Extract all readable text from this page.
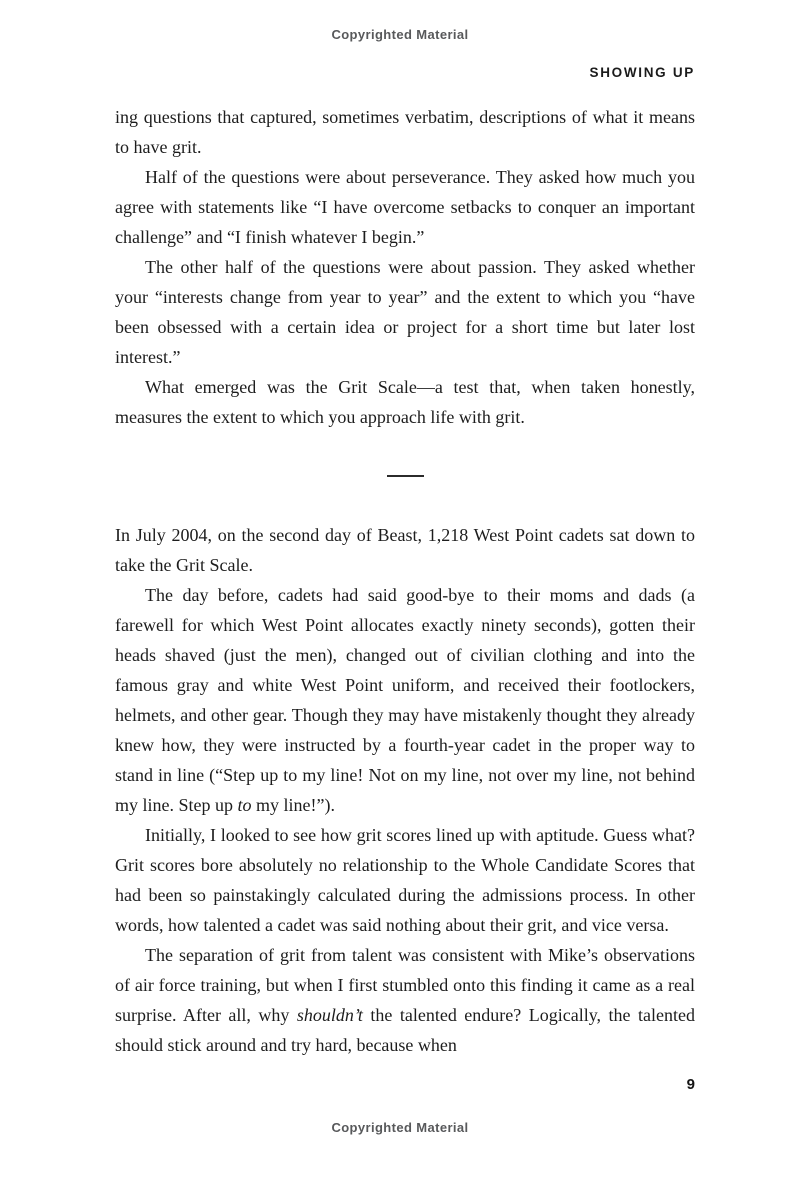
Copyrighted Material
SHOWING UP

ing questions that captured, sometimes verbatim, descriptions of what it means to have grit.

Half of the questions were about perseverance. They asked how much you agree with statements like “I have overcome setbacks to conquer an important challenge” and “I finish whatever I begin.”

The other half of the questions were about passion. They asked whether your “interests change from year to year” and the extent to which you “have been obsessed with a certain idea or project for a short time but later lost interest.”

What emerged was the Grit Scale—a test that, when taken honestly, measures the extent to which you approach life with grit.

In July 2004, on the second day of Beast, 1,218 West Point cadets sat down to take the Grit Scale.

The day before, cadets had said good-bye to their moms and dads (a farewell for which West Point allocates exactly ninety seconds), gotten their heads shaved (just the men), changed out of civilian clothing and into the famous gray and white West Point uniform, and received their footlockers, helmets, and other gear. Though they may have mistakenly thought they already knew how, they were instructed by a fourth-year cadet in the proper way to stand in line (“Step up to my line! Not on my line, not over my line, not behind my line. Step up to my line!”).

Initially, I looked to see how grit scores lined up with aptitude. Guess what? Grit scores bore absolutely no relationship to the Whole Candidate Scores that had been so painstakingly calculated during the admissions process. In other words, how talented a cadet was said nothing about their grit, and vice versa.

The separation of grit from talent was consistent with Mike’s observations of air force training, but when I first stumbled onto this finding it came as a real surprise. After all, why shouldn’t the talented endure? Logically, the talented should stick around and try hard, because when

9
Copyrighted Material
